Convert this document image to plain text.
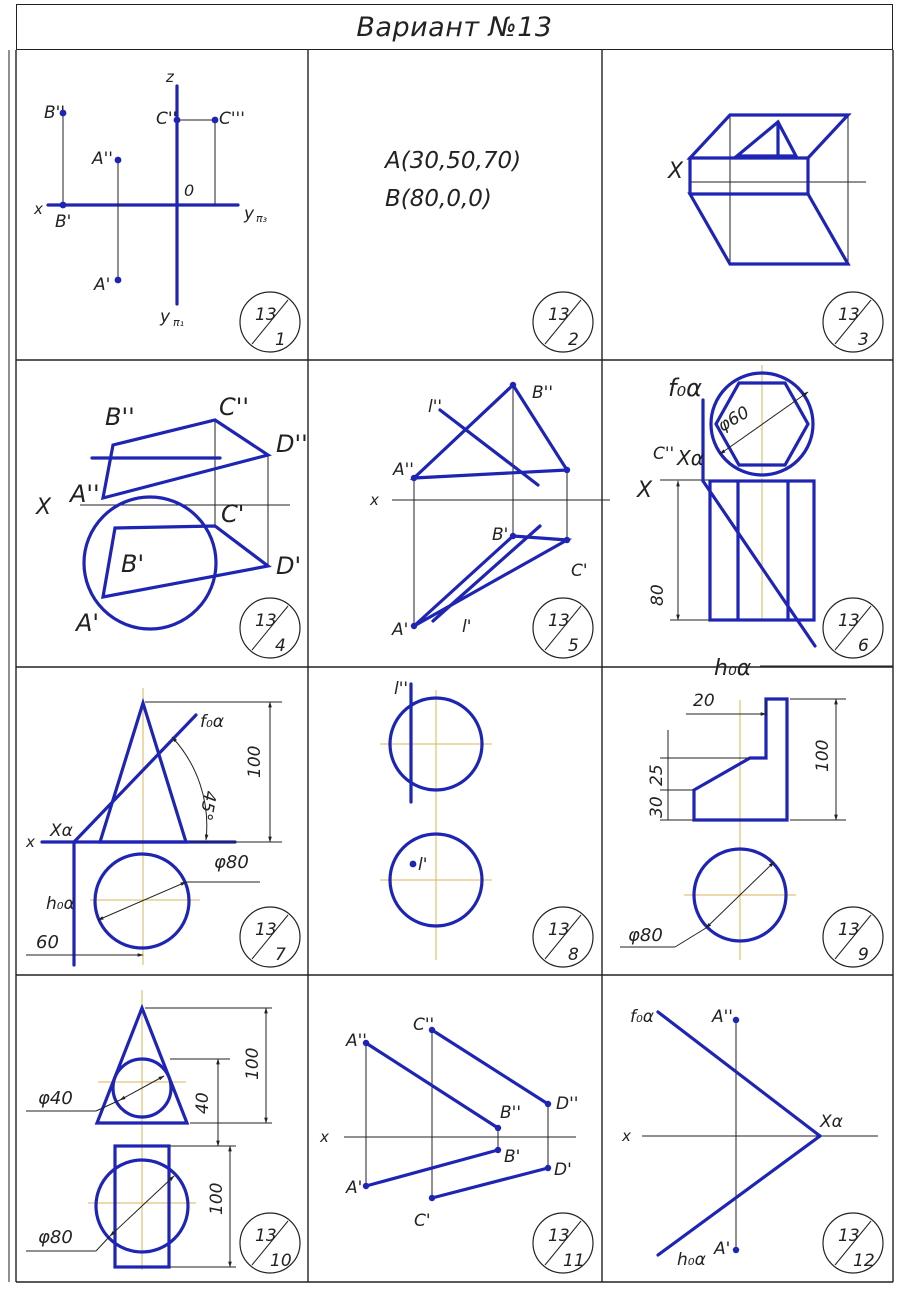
Вариант №13
z
x
0
B''
B'
A''
A'
C'' C'''
y π₃
y π₁
A(30,50,70)
B(80,0,0)
X
B''	C''
D''
A''
X	C'
B'	D'
A'
l''
B''
A''
x
B'
C'
A'	l'
f₀α
φ60
C'' Xα
X
80
h₀α
f₀α
100
45°
x
Xα
φ80
h₀α
60
l''
l'
20
25
30
100
φ80
φ40
100
40
100
φ80
A''
C''
D''
B''
x
B'
D'
A'
C'
f₀α	A''
x
Xα
A'
h₀α
13
1
13
2
13
3
13
4
13
5
13
6
13
7
13
8
13
9
13
10
13
11
13
12
